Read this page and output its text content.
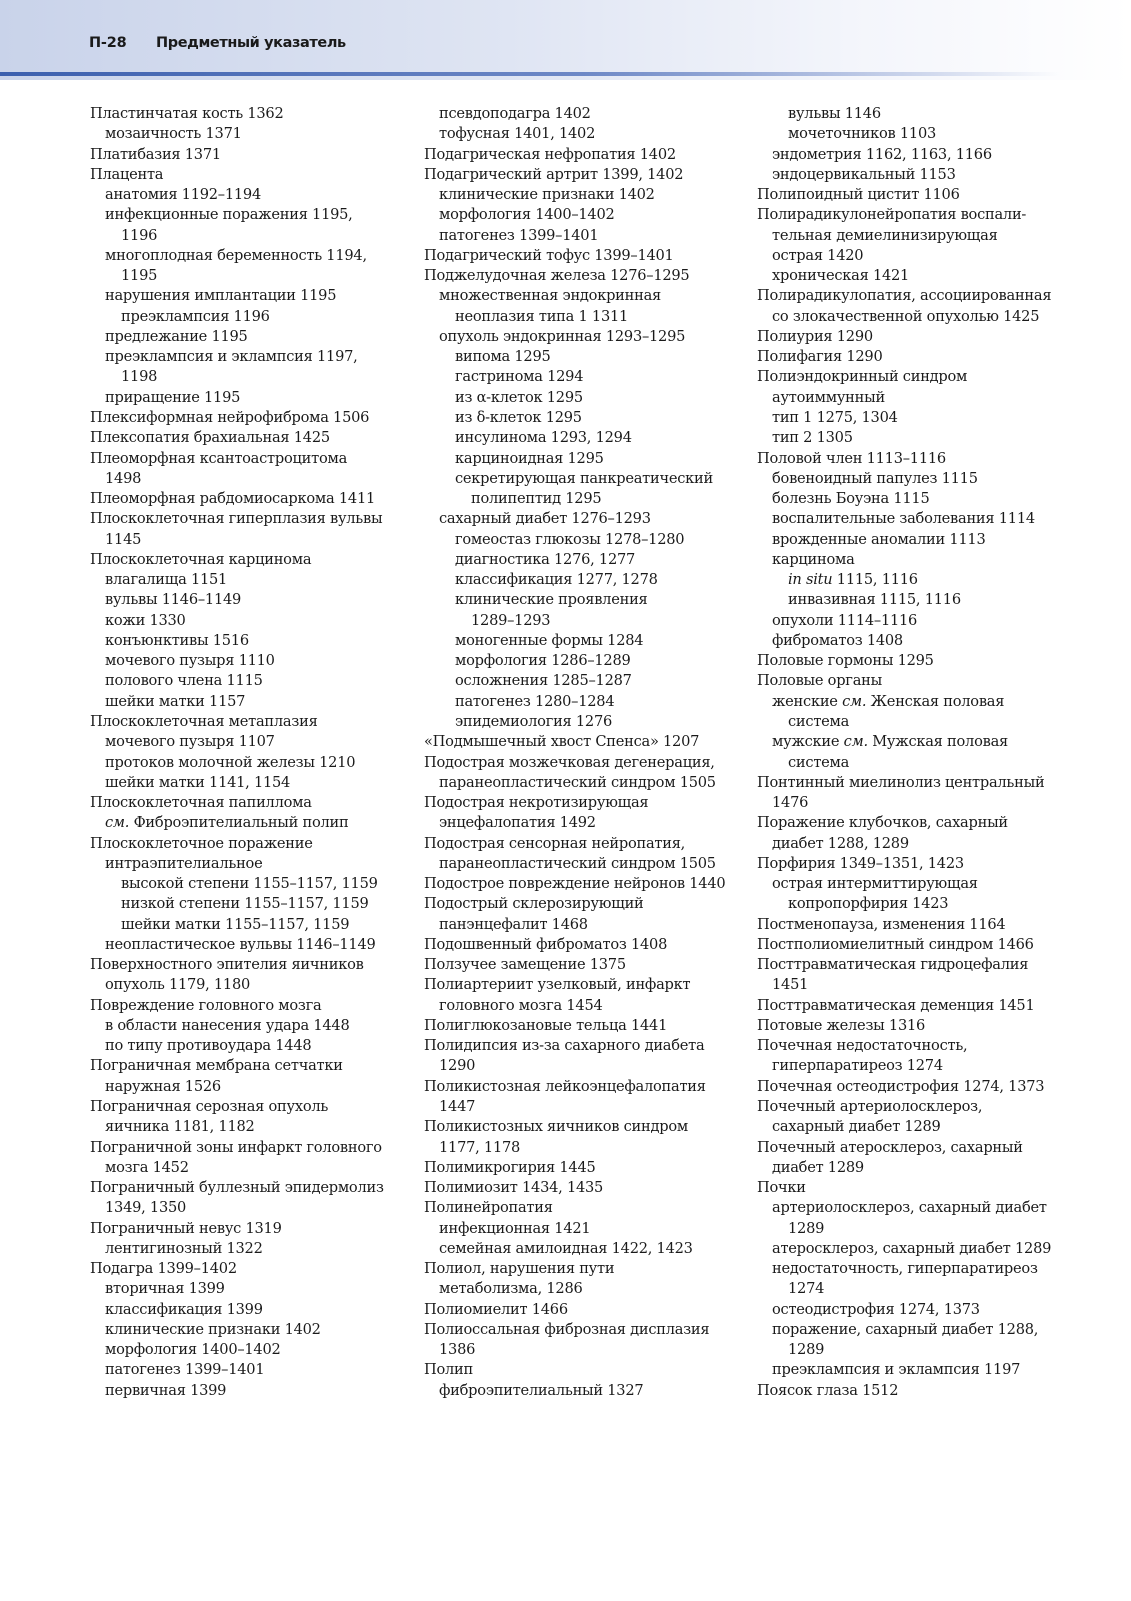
П-28 Предметный указатель
Пластинчатая кость 1362
мозаичность 1371
Платибазия 1371
Плацента
анатомия 1192–1194
инфекционные поражения 1195,
1196
многоплодная беременность 1194,
1195
нарушения имплантации 1195
преэклампсия 1196
предлежание 1195
преэклампсия и эклампсия 1197,
1198
приращение 1195
Плексиформная нейрофиброма 1506
Плексопатия брахиальная 1425
Плеоморфная ксантоастроцитома
1498
Плеоморфная рабдомиосаркома 1411
Плоскоклеточная гиперплазия вульвы
1145
Плоскоклеточная карцинома
влагалища 1151
вульвы 1146–1149
кожи 1330
конъюнктивы 1516
мочевого пузыря 1110
полового члена 1115
шейки матки 1157
Плоскоклеточная метаплазия
мочевого пузыря 1107
протоков молочной железы 1210
шейки матки 1141, 1154
Плоскоклеточная папиллома
см. Фиброэпителиальный полип
Плоскоклеточное поражение
интраэпителиальное
высокой степени 1155–1157, 1159
низкой степени 1155–1157, 1159
шейки матки 1155–1157, 1159
неопластическое вульвы 1146–1149
Поверхностного эпителия яичников
опухоль 1179, 1180
Повреждение головного мозга
в области нанесения удара 1448
по типу противоудара 1448
Пограничная мембрана сетчатки
наружная 1526
Пограничная серозная опухоль
яичника 1181, 1182
Пограничной зоны инфаркт головного
мозга 1452
Пограничный буллезный эпидермолиз
1349, 1350
Пограничный невус 1319
лентигинозный 1322
Подагра 1399–1402
вторичная 1399
классификация 1399
клинические признаки 1402
морфология 1400–1402
патогенез 1399–1401
первичная 1399
псевдоподагра 1402
тофусная 1401, 1402
Подагрическая нефропатия 1402
Подагрический артрит 1399, 1402
клинические признаки 1402
морфология 1400–1402
патогенез 1399–1401
Подагрический тофус 1399–1401
Поджелудочная железа 1276–1295
множественная эндокринная
неоплазия типа 1 1311
опухоль эндокринная 1293–1295
випома 1295
гастринома 1294
из α-клеток 1295
из δ-клеток 1295
инсулинома 1293, 1294
карциноидная 1295
секретирующая панкреатический
полипептид 1295
сахарный диабет 1276–1293
гомеостаз глюкозы 1278–1280
диагностика 1276, 1277
классификация 1277, 1278
клинические проявления
1289–1293
моногенные формы 1284
морфология 1286–1289
осложнения 1285–1287
патогенез 1280–1284
эпидемиология 1276
«Подмышечный хвост Спенса» 1207
Подострая мозжечковая дегенерация,
паранеопластический синдром 1505
Подострая некротизирующая
энцефалопатия 1492
Подострая сенсорная нейропатия,
паранеопластический синдром 1505
Подострое повреждение нейронов 1440
Подострый склерозирующий
панэнцефалит 1468
Подошвенный фиброматоз 1408
Ползучее замещение 1375
Полиартериит узелковый, инфаркт
головного мозга 1454
Полиглюкозановые тельца 1441
Полидипсия из-за сахарного диабета
1290
Поликистозная лейкоэнцефалопатия
1447
Поликистозных яичников синдром
1177, 1178
Полимикрогирия 1445
Полимиозит 1434, 1435
Полинейропатия
инфекционная 1421
семейная амилоидная 1422, 1423
Полиол, нарушения пути
метаболизма, 1286
Полиомиелит 1466
Полиоссальная фиброзная дисплазия
1386
Полип
фиброэпителиальный 1327
вульвы 1146
мочеточников 1103
эндометрия 1162, 1163, 1166
эндоцервикальный 1153
Полипоидный цистит 1106
Полирадикулонейропатия воспали-
тельная демиелинизирующая
острая 1420
хроническая 1421
Полирадикулопатия, ассоциированная
со злокачественной опухолью 1425
Полиурия 1290
Полифагия 1290
Полиэндокринный синдром
аутоиммунный
тип 1 1275, 1304
тип 2 1305
Половой член 1113–1116
бовеноидный папулез 1115
болезнь Боуэна 1115
воспалительные заболевания 1114
врожденные аномалии 1113
карцинома
in situ 1115, 1116
инвазивная 1115, 1116
опухоли 1114–1116
фиброматоз 1408
Половые гормоны 1295
Половые органы
женские см. Женская половая
система
мужские см. Мужская половая
система
Понтинный миелинолиз центральный
1476
Поражение клубочков, сахарный
диабет 1288, 1289
Порфирия 1349–1351, 1423
острая интермиттирующая
копропорфирия 1423
Постменопауза, изменения 1164
Постполиомиелитный синдром 1466
Посттравматическая гидроцефалия
1451
Посттравматическая деменция 1451
Потовые железы 1316
Почечная недостаточность,
гиперпаратиреоз 1274
Почечная остеодистрофия 1274, 1373
Почечный артериолосклероз,
сахарный диабет 1289
Почечный атеросклероз, сахарный
диабет 1289
Почки
артериолосклероз, сахарный диабет
1289
атеросклероз, сахарный диабет 1289
недостаточность, гиперпаратиреоз
1274
остеодистрофия 1274, 1373
поражение, сахарный диабет 1288,
1289
преэклампсия и эклампсия 1197
Поясок глаза 1512
